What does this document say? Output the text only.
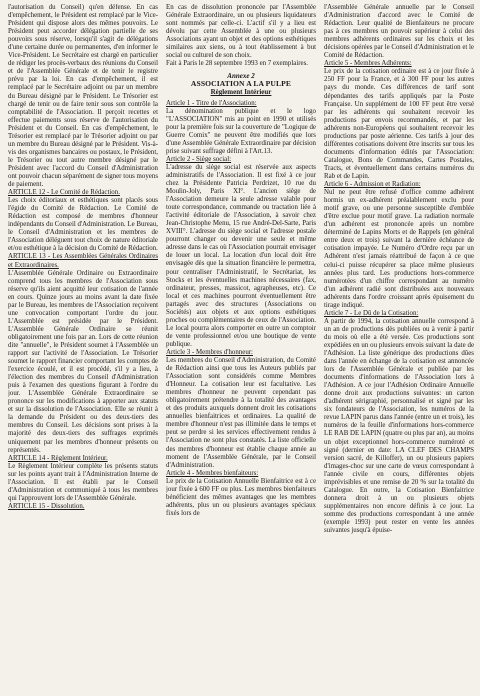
l'autorisation du Conseil) qu'en défense. En cas d'empêchement, le Président est remplacé par le Vice-Président qui dispose alors des mêmes pouvoirs. Le Président peut accorder délégation partielle de ses pouvoirs sous réserve, lorsqu'il s'agit de délégations d'une certaine durée ou permanentes, d'en informer le Vice-Président. Le Secrétaire est chargé en particulier de rédiger les procès-verbaux des réunions du Conseil et de l'Assemblée Générale et de tenir le registre prévu par la loi. En cas d'empêchement, il est remplacé par le Secrétaire adjoint ou par un membre du Bureau désigné par le Président. Le Trésorier est chargé de tenir ou de faire tenir sous son contrôle la comptabilité de l'Association. Il perçoit recettes et effectue paiements sous réserve de l'autorisation du Président et du Conseil. En cas d'empêchement, le Trésorier est remplacé par le Trésorier adjoint ou par un membre du Bureau désigné par le Président. Vis-à-vis des organismes bancaires ou postaux, le Président, le Trésorier ou tout autre membre désigné par le Président avec l'accord du Conseil d'Administration ont pouvoir chacun séparément de signer tous moyens de paiement.

ARTICLE 12 - Le Comité de Rédaction.

Les choix éditoriaux et esthétiques sont placés sous l'égide du Comité de Rédaction. Le Comité de Rédaction est composé de membres d'honneur indépendants du Conseil d'Administration. Le Bureau, le Conseil d'Administration et les membres de l'Association déléguent tout choix de nature éditoriale et/ou esthétique à la décision du Comité de Rédaction.

ARTICLE 13 - Les Assemblées Générales Ordinaires et Extraordinaires.

L'Assemblée Générale Ordinaire ou Extraordinaire comprend tous les membres de l'Association sous réserve qu'ils aient acquitté leur cotisation de l'année en cours. Quinze jours au moins avant la date fixée par le Bureau, les membres de l'Association reçoivent une convocation comportant l'ordre du jour. L'Assemblée est présidée par le Président. L'Assemblée Générale Ordinaire se réunit obligatoirement une fois par an. Lors de cette réunion dite "annuelle", le Président soumet à l'Assemblée un rapport sur l'activité de l'Association. Le Trésorier soumet le rapport financier comportant les comptes de l'exercice écoulé, et il est procédé, s'il y a lieu, à l'élection des membres du Conseil d'Administration puis à l'examen des questions figurant à l'ordre du jour. L'Assemblée Générale Extraordinaire se prononce sur les modifications à apporter aux statuts et sur la dissolution de l'Association. Elle se réunit à la demande du Président ou des deux-tiers des membres du Conseil. Les décisions sont prises à la majorité des deux-tiers des suffrages exprimés uniquement par les membres d'honneur présents ou représentés.

ARTICLE 14 - Règlement Intérieur.

Le Règlement Intérieur complète les présents statuts sur les points ayant trait à l'Administration Interne de l'Association. Il est établi par le Conseil d'Administration et communiqué à tous les membres qui l'approuvent lors de l'Assemblée Générale.

ARTICLE 15 - Dissolution.

En cas de dissolution prononcée par l'Assemblée Générale Extraordinaire, un ou plusieurs liquidateurs sont nommés par celle-ci. L'actif s'il y a lieu est dévolu par cette Assemblée à une ou plusieurs Associations ayant un objet et des options esthétiques similaires aux siens, ou à tout établissement à but social ou culturel de son choix.

Fait à Paris le 28 septembre 1993 en 7 exemplaires.

Annexe 2
ASSOCIATION A LA PULPE
Règlement Intérieur

Article 1 - Titre de l'Association:

La dénomination publique et le logo "L'ASSOCIATION" mis au point en 1990 et utilisés pour la première fois sur la couverture de "Logique de Guerre Comix" ne peuvent être modifiés que lors d'une Assemblée Générale Extraordinaire par décision prise suivant suffrage défini à l'Art.13.

Article 2 - Siège social:

L'adresse du siège social est réservée aux aspects administratifs de l'Association. Il est fixé à ce jour chez la Présidente Patricia Perdrizet, 10 rue du Moulin-Joly, Paris XI°. L'ancien siège de l'Association demeure la seule adresse valable pour toute correspondance, commande ou tractation liée à l'activité éditoriale de l'Association, à savoir chez Jean-Christophe Menu, 15 rue André-Del-Sarte, Paris XVIII°. L'adresse du siège social et l'adresse postale pourront changer ou devenir une seule et même adresse dans le cas où l'Association pourrait envisager de louer un local. La location d'un local doit être envisagée dès que la situation financière le permettra, pour centraliser l'Administratif, le Secrétariat, les Stocks et les éventuelles machines nécessaires (fax, ordinateur, presses, massicot, agrapheuses, etc). Ce local et ces machines pourront éventuellement être partagés avec des structures (Associations ou Sociétés) aux objets et aux options esthétiques proches ou complémentaires de ceux de l'Association. Le local pourra alors comporter en outre un comptoir de vente professionnel et/ou une boutique de vente publique.

Article 3 - Membres d'honneur:

Les membres du Conseil d'Administration, du Comité de Rédaction ainsi que tous les Auteurs publiés par l'Association sont considérés comme Membres d'Honneur. La cotisation leur est facultative. Les membres d'honneur ne peuvent cependant pas obligatoirement prétendre à la totalité des avantages et des produits auxquels donnent droit les cotisations annuelles bienfaitrices et ordinaires. La qualité de membre d'honneur n'est pas illimitée dans le temps et peut se perdre si les services effectivement rendus à l'Association ne sont plus constatés. La liste officielle des membres d'honneur est établie chaque année au moment de l'Assemblée Générale, par le Conseil d'Administration.

Article 4 - Membres bienfaiteurs:

Le prix de la Cotisation Annuelle Bienfaitrice est à ce jour fixée à 600 FF ou plus. Les membres bienfaiteurs bénéficient des mêmes avantages que les membres adhérents, plus un ou plusieurs avantages spéciaux fixés lors de

l'Assemblée Générale annuelle par le Conseil d'Administration d'accord avec le Comité de Rédaction. Leur qualité de Bienfaiteurs ne procure pas à ces membres un pouvoir supérieur à celui des membres adhérents ordinaires sur les choix et les décisions opérées par le Conseil d'Administration et le Comité de Rédaction.

Article 5 - Membres Adhérents:

Le prix de la cotisation ordinaire est à ce jour fixée à 250 FF pour la France, et à 300 FF pour les autres pays du monde. Ces différences de tarif sont dépendantes des tarifs appliqués par la Poste Française. Un supplément de 100 FF peut être versé par les adhérents qui souhaitent recevoir les productions par envois recommandés, et par les adhérents non-Européens qui souhaitent recevoir les productions par poste aérienne. Ces tarifs à jour des différentes cotisations doivent être inscrits sur tous les documents d'information édités par l'Association: Catalogue, Bons de Commandes, Cartes Postales, Tracts, et éventuellement dans certains numéros du Rab et de Lapin.

Article 6 - Admission et Radiation:

Nul ne peut être refusé d'office comme adhérent hormis un ex-adhérent préalablement exclu pour motif grave, ou une personne susceptible d'emblée d'être exclue pour motif grave. La radiation normale d'un adhérent est prononcée après un nombre déterminé de Lapins Morts et de Rappels (en général entre deux et trois) suivant la dernière échéance de cotisation impayée. Le Numéro d'Ordre reçu par un Adhérent n'est jamais réattribué de façon à ce que celui-ci puisse récupérer sa place même plusieurs années plus tard. Les productions hors-commerce numérotées d'un chiffre correspondant au numéro d'un adhérent radié sont distribuées aux nouveaux adhérents dans l'ordre croissant après épuisement du tirage indiqué.

Article 7 - Le Dû de la Cotisation:

A partir de 1994, la cotisation annuelle correspond à un an de productions dès publiées ou à venir à partir du mois où elle a été versée. Ces productions sont expédiées en un ou plusieurs envois suivant la date de l'Adhésion. La liste générique des productions dûes dans l'année en échange de la cotisation est annoncée lors de l'Assemblée Générale et publiée par les documents d'informations de l'Association lors à l'Adhésion. A ce jour l'Adhésion Ordinaire Annuelle donne droit aux productions suivantes: un carton d'adhérent sérigraphié, personnalisé et signé par les six fondateurs de l'Association, les numéros de la revue LAPIN parus dans l'année (entre un et trois), les numéros de la feuille d'informations hors-commerce LE RAB DE LAPIN (quatre ou plus par an), au moins un objet exceptionnel hors-commerce numéroté et signé (dernier en date: LA CLEF DES CHAMPS version sacré, de Killoffer), un ou plusieurs papiers d'images-choc sur une carte de vœux correspondant à l'année civile en cours, différentes objets imprévisibles et une remise de 20 % sur la totalité du Catalogue. En outre, la Cotisation Bienfaitrice donnera droit à un ou plusieurs objets supplémentaires non encore définis à ce jour. La somme des productions correspondant à une année (exemple 1993) peut rester en vente les années suivantes jusqu'à épuise-
